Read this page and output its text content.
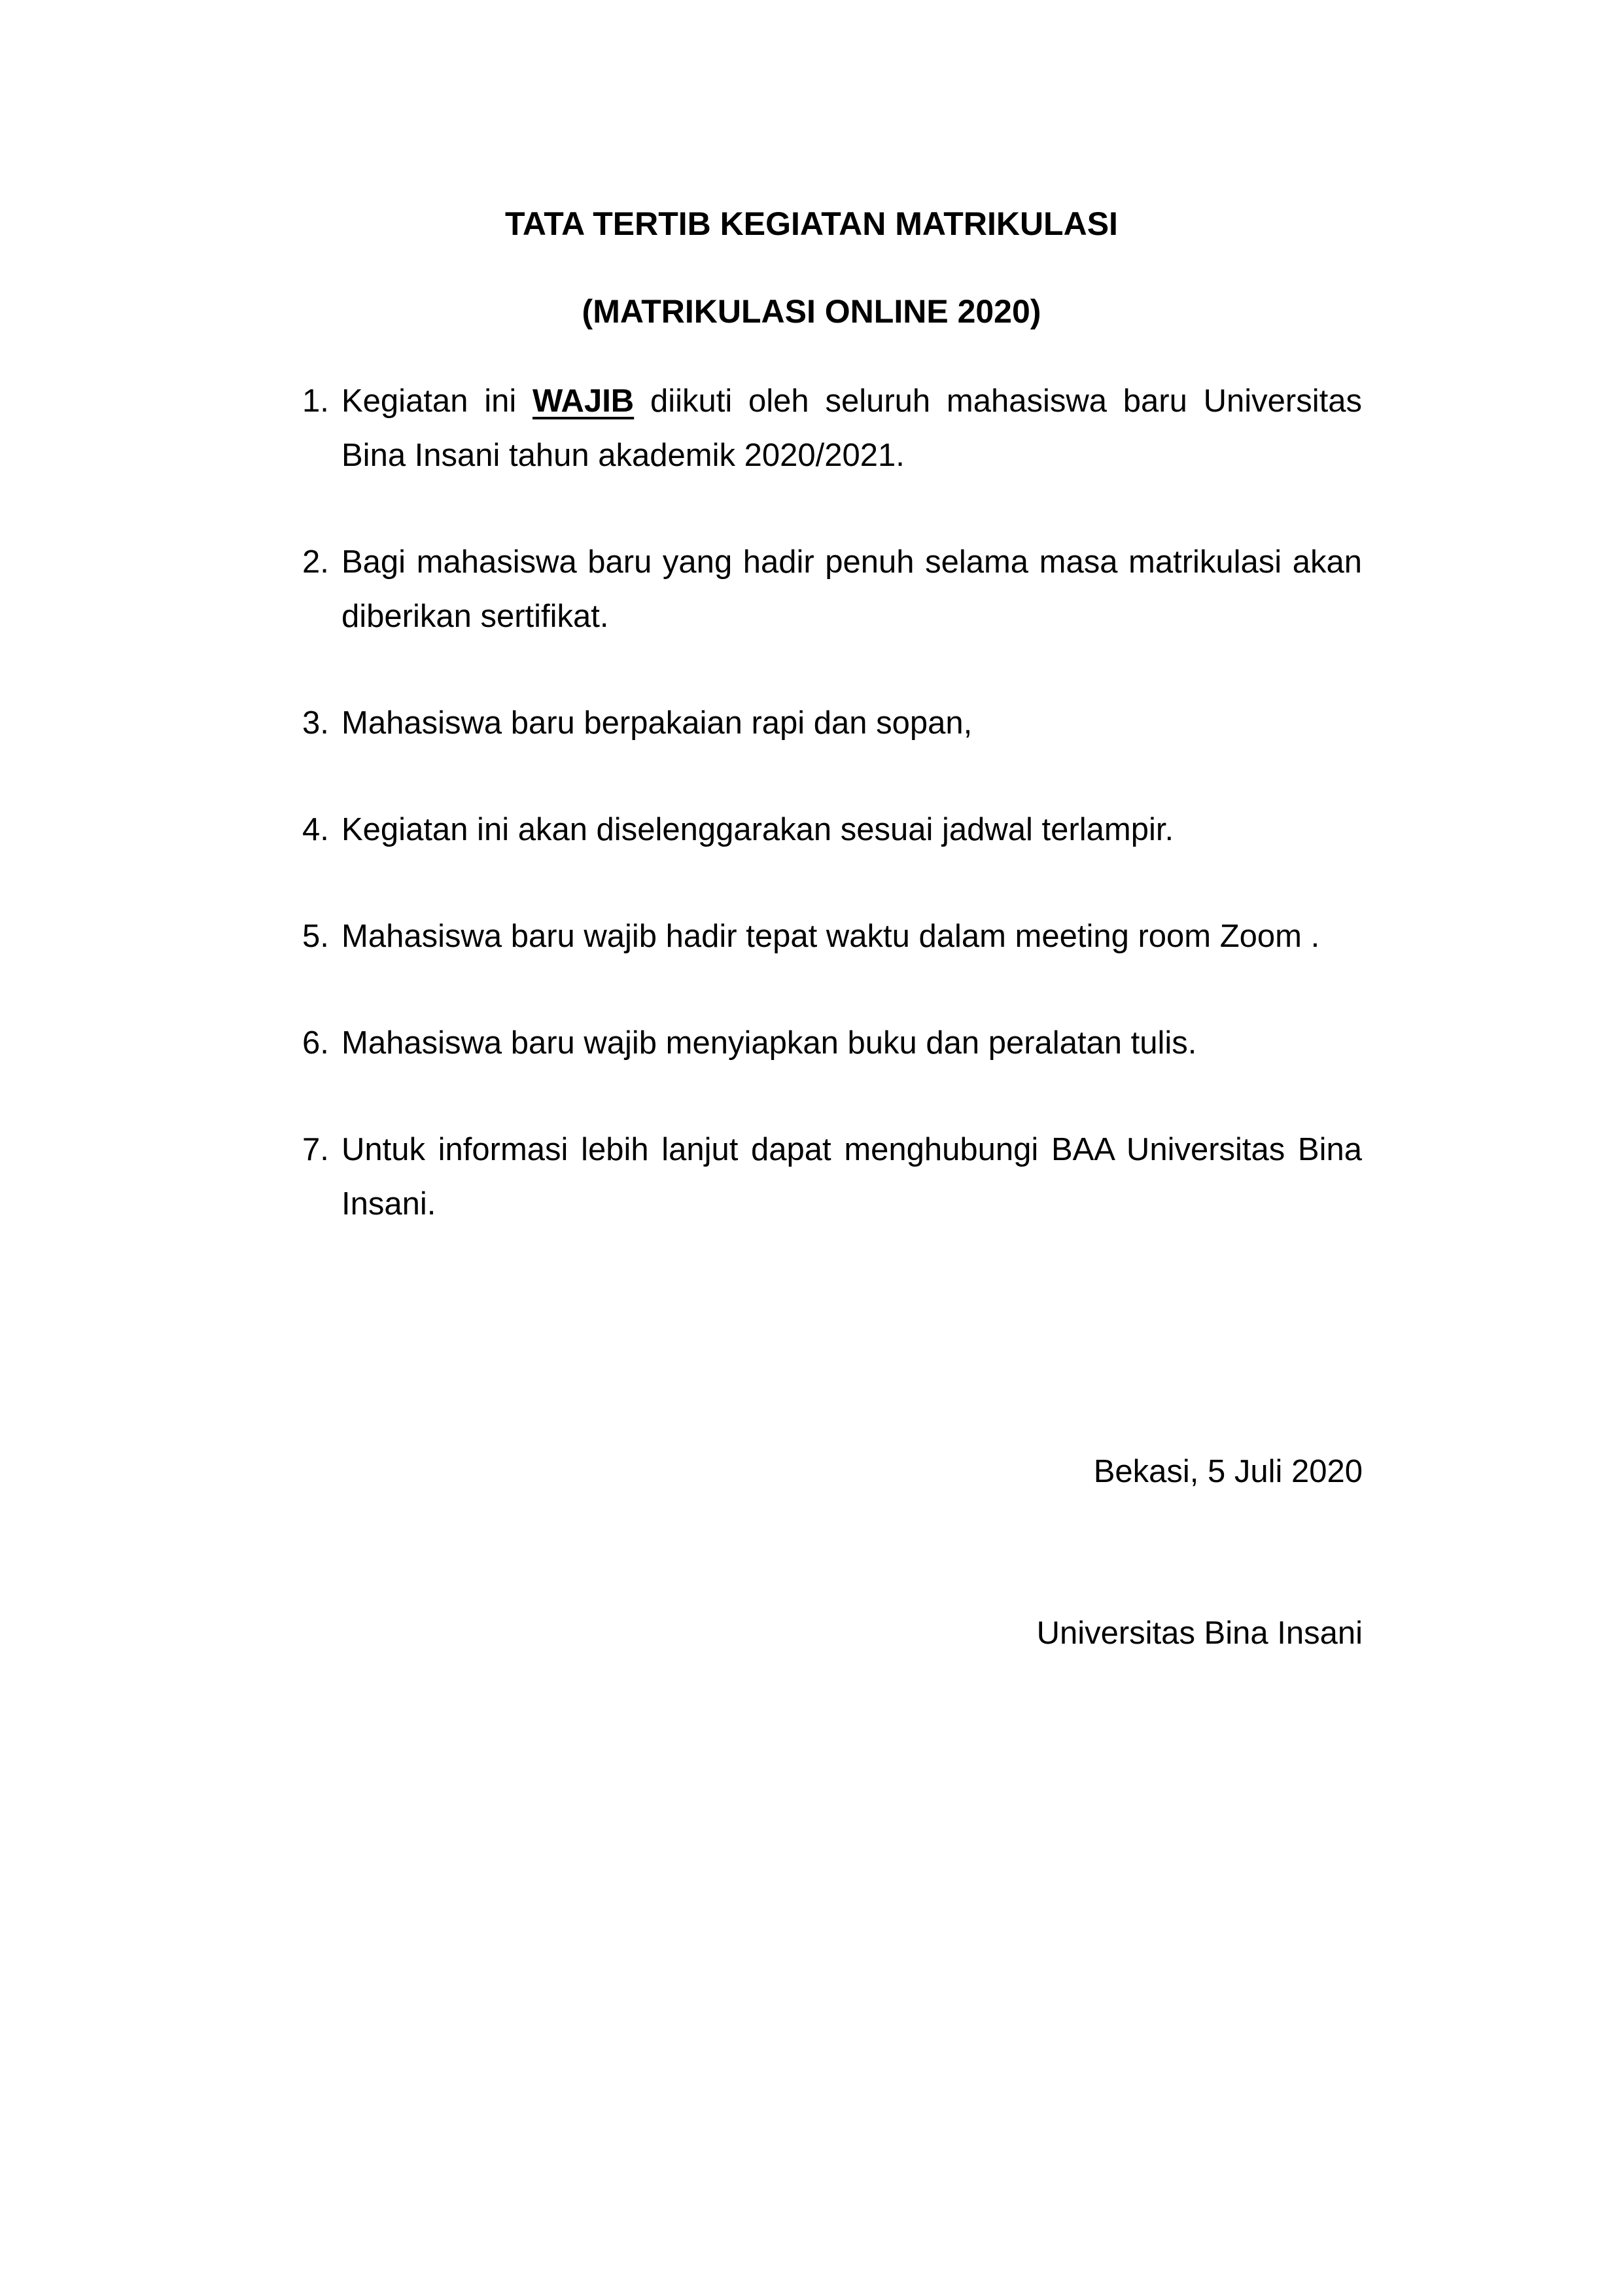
TATA TERTIB KEGIATAN MATRIKULASI
(MATRIKULASI ONLINE 2020)
1. Kegiatan ini WAJIB diikuti oleh seluruh mahasiswa baru Universitas Bina Insani tahun akademik 2020/2021.
2. Bagi mahasiswa baru yang hadir penuh selama masa matrikulasi akan diberikan sertifikat.
3. Mahasiswa baru berpakaian rapi dan sopan,
4. Kegiatan ini akan diselenggarakan sesuai jadwal terlampir.
5. Mahasiswa baru wajib hadir tepat waktu dalam meeting room Zoom .
6. Mahasiswa baru wajib menyiapkan buku dan peralatan tulis.
7. Untuk informasi lebih lanjut dapat menghubungi BAA Universitas Bina Insani.
Bekasi, 5 Juli 2020
Universitas Bina Insani
